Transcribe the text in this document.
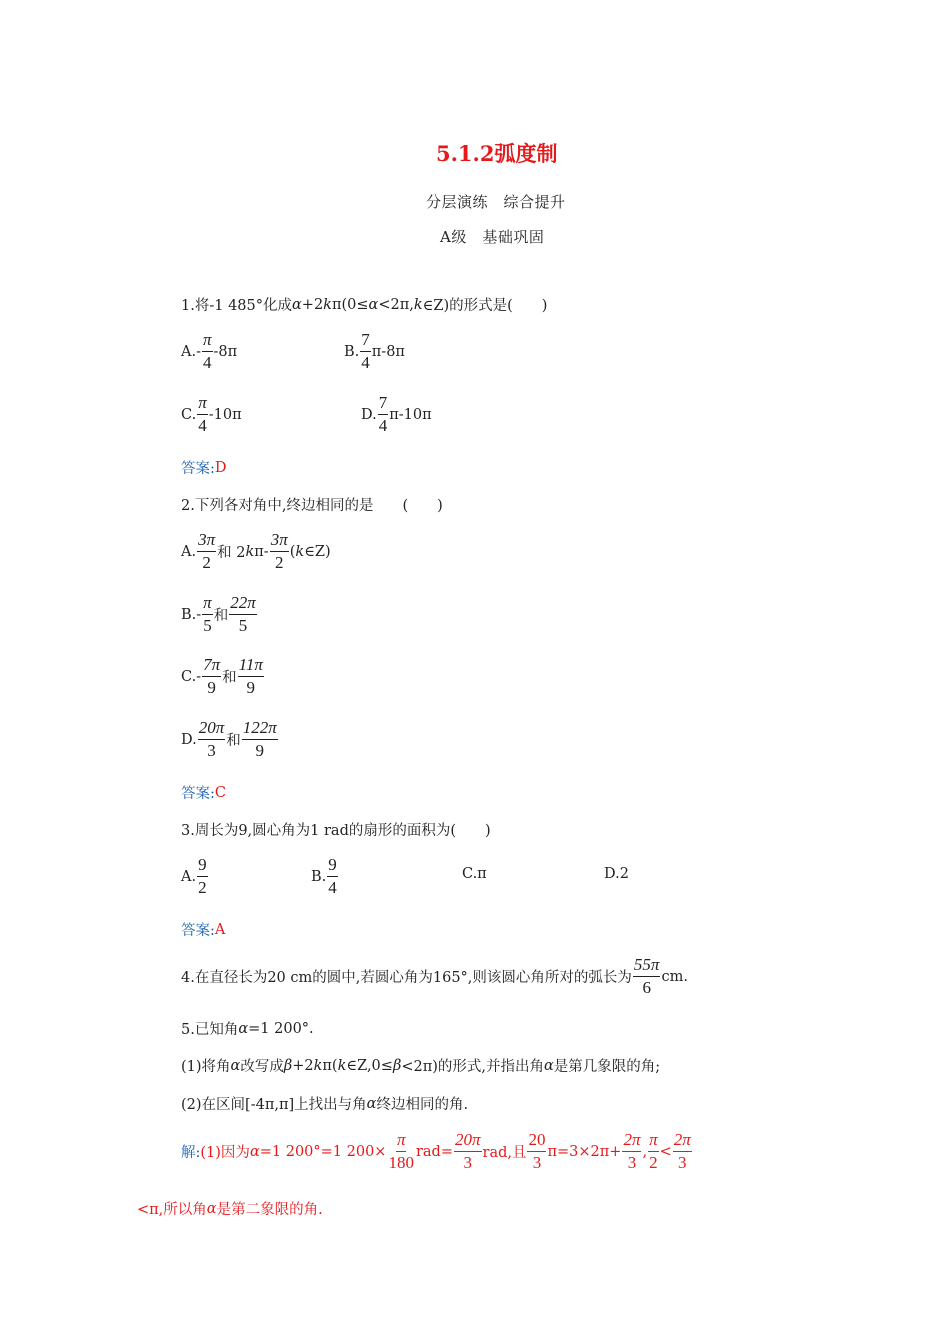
5.1.2弧度制
分层演练　综合提升
A级　基础巩固
1.将-1 485°化成 α +2 k π(0≤ α <2π, k ∈Z)的形式是(　　)
$A.- \frac{\pi}{4} -8\pi$	B. $\frac{7}{4} \pi-8\pi$
C. $\frac{\pi}{4} -10\pi$	D. $\frac{7}{4} \pi-10\pi$
答案: D
2.下列各对角中,终边相同的是　　(　　)
A. $\frac{3\pi}{2}$ 和 2 k $\pi- \frac{3\pi}{2}$ ( k ∈Z)
$B.- \frac{\pi}{5}$ 和 $\frac{22\pi}{5}$
$C.- \frac{7\pi}{9}$ 和 $\frac{11\pi}{9}$
D. $\frac{20\pi}{3}$ 和 $\frac{122\pi}{9}$
答案: C
3.周长为9,圆心角为1 rad的扇形的面积为(　　)
A. $\frac{9}{2}$	B. $\frac{9}{4}$	C.π	D.2
答案: A
4.在直径长为20 cm的圆中,若圆心角为165°,则该圆心角所对的弧长为 $\frac{55\pi}{6}$ cm.
5.已知角 α =1 200°.
(1)将角 α 改写成 β +2 k π( k ∈Z,0≤ β <2π)的形式,并指出角 α 是第几象限的角;
(2)在区间[-4π,π]上找出与角 α 终边相同的角.
解: (1)因为 α =1 200°=1 $200\times \frac{\pi}{180} rad= \frac{20\pi}{3}$ rad,且 $\frac{20}{3} \pi=3\times 2\pi+ \frac{2\pi}{3}$ , $\frac{\pi}{2} < \frac{2\pi}{3}$
<π,所以角 α 是第二象限的角.
